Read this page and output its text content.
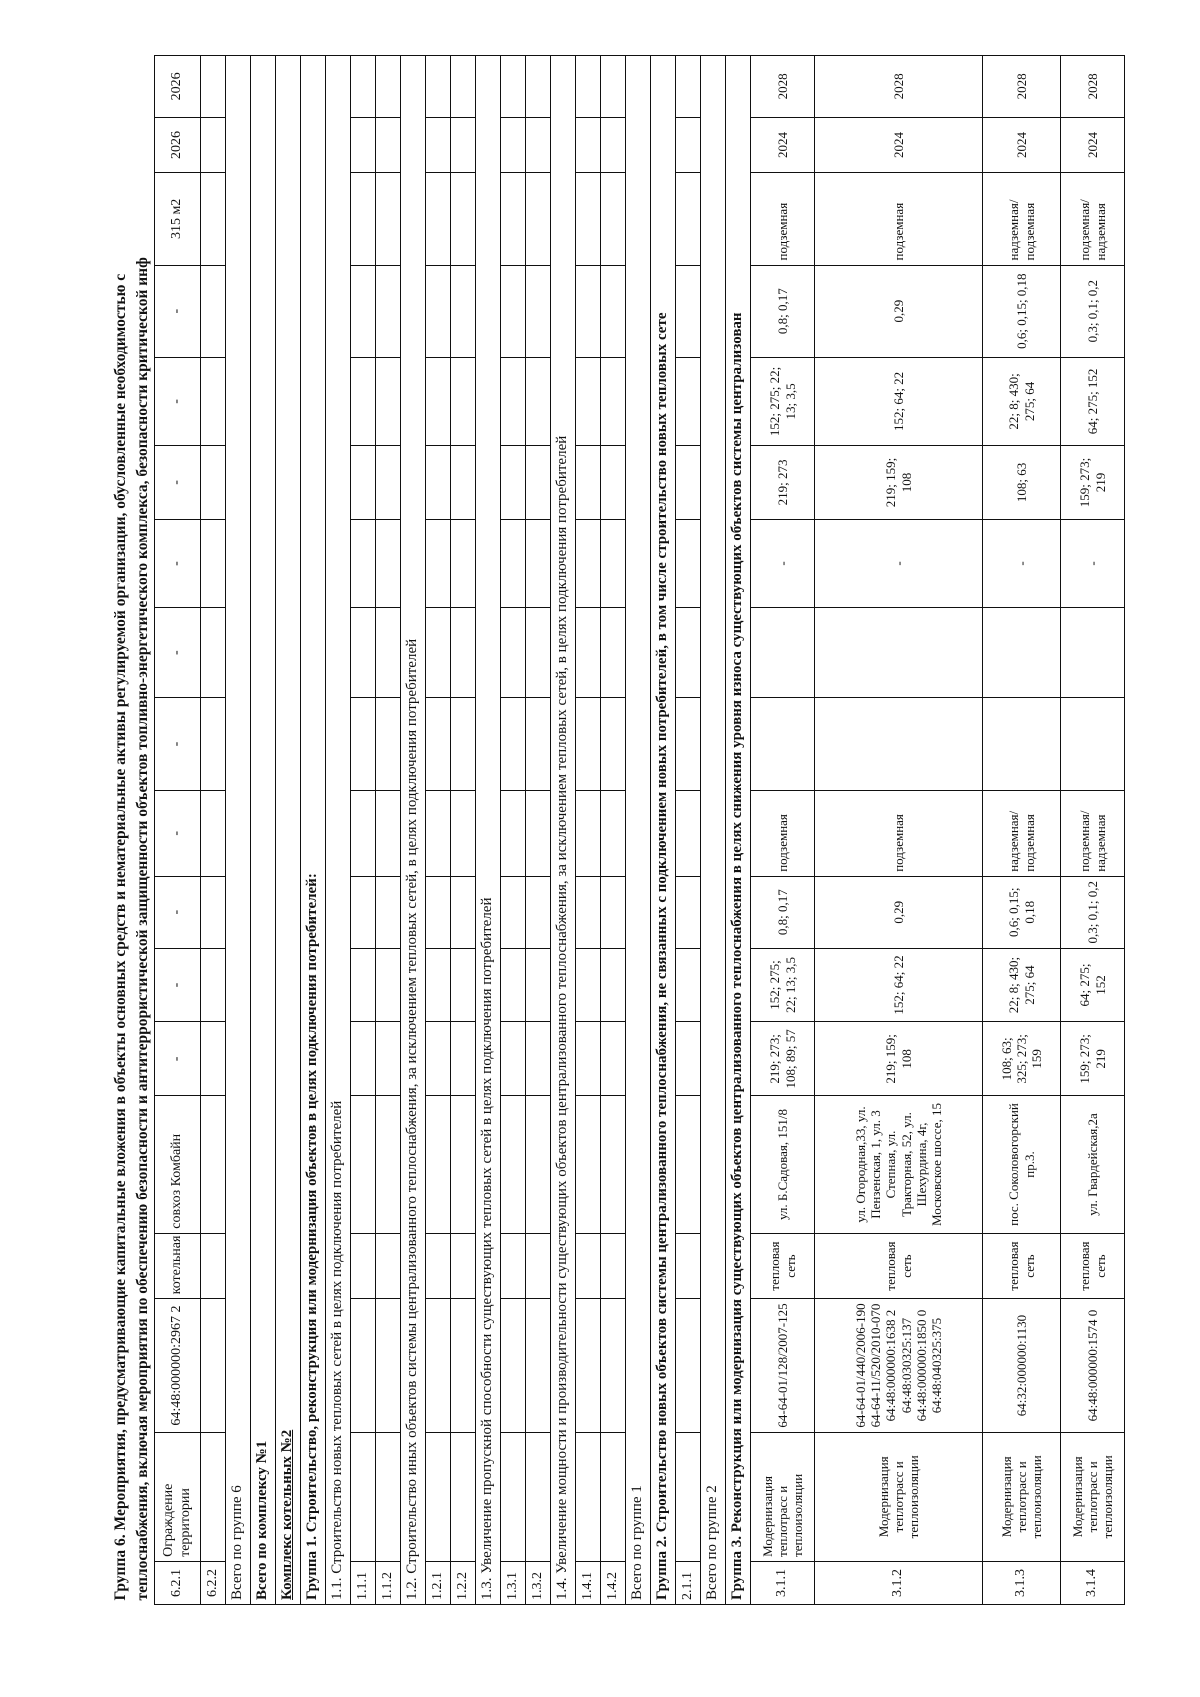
Группа 6. Мероприятия, предусматривающие капитальные вложения в объекты основных средств и нематериальные активы регулируемой организации, обусловленные необходимостью с																	
теплоснабжения, включая мероприятия по обеспечению безопасности и антитеррористической защищенности объектов топливно-энергетического комплекса, безопасности критической инф																	
6.2.1	Ограждение территории	64:48:000000:2967 2	котельная	совхоз Комбайн	-	-	-	-	-	-	-	-	-	-	315 м2	2026	2026
6.2.2																	
Всего по группе 6																	
Всего по комплексу №1																	
Комплекс котельных №2																	
Группа 1. Строительство, реконструкция или модернизация объектов в целях подключения потребителей:																	
1.1. Строительство новых тепловых сетей в целях подключения потребителей																	
1.1.1																	
1.1.2																	
1.2. Строительство иных объектов системы централизованного теплоснабжения, за исключением тепловых сетей, в целях подключения потребителей																	
1.2.1																	
1.2.2																	
1.3. Увеличение пропускной способности существующих тепловых сетей в целях подключения потребителей																	
1.3.1																	
1.3.2																	
1.4. Увеличение мощности и производительности существующих объектов централизованного теплоснабжения, за исключением тепловых сетей, в целях подключения потребителей																	
1.4.1																	
1.4.2																	
Всего по группе 1																	
Группа 2. Строительство новых объектов системы централизованного теплоснабжения, не связанных с подключением новых потребителей, в том числе строительство новых тепловых сете																	
2.1.1																	
Всего по группе 2																	
Группа 3. Реконструкция или модернизация существующих объектов централизованного теплоснабжения в целях снижения уровня износа существующих объектов системы централизован																	
3.1.1	Модернизация теплотрасс и теплоизоляции	64-64-01/128/2007-125	тепловая сеть	ул. Б.Садовая, 151/8	219; 273; 108; 89; 57	152; 275; 22; 13; 3,5	0,8; 0,17	подземная			-	219; 273	152; 275; 22; 13; 3,5	0,8; 0,17	подземная	2024	2028
3.1.2	Модернизация теплотрасс и теплоизоляции	64-64-01/440/2006-190 64-64-11/520/2010-070 64:48:000000:1638 2 64:48:030325:137 64:48:000000:1850 0 64:48:040325:375	тепловая сеть	ул. Огородная,33, ул. Пензенская, 1, ул. 3 Степная, ул. Тракторная, 52, ул. Шехурдина, 4г, Московское шоссе, 15	219; 159; 108	152; 64; 22	0,29	подземная			-	219; 159; 108	152; 64; 22	0,29	подземная	2024	2028
3.1.3	Модернизация теплотрасс и теплоизоляции	64:32:000000:1130	тепловая сеть	пос. Соколовогорский пр.3.	108; 63; 325; 273; 159	22; 8; 430; 275; 64	0,6; 0,15; 0,18	надземная/ подземная			-	108; 63	22; 8; 430; 275; 64	0,6; 0,15; 0,18	надземная/ подземная	2024	2028
3.1.4	Модернизация теплотрасс и теплоизоляции	64:48:000000:1574 0	тепловая сеть	ул. Гвардейская,2а	159; 273; 219	64; 275; 152	0,3; 0,1; 0,2	подземная/ надземная			-	159; 273; 219	64; 275; 152	0,3; 0,1; 0,2	подземная/ надземная	2024	2028
